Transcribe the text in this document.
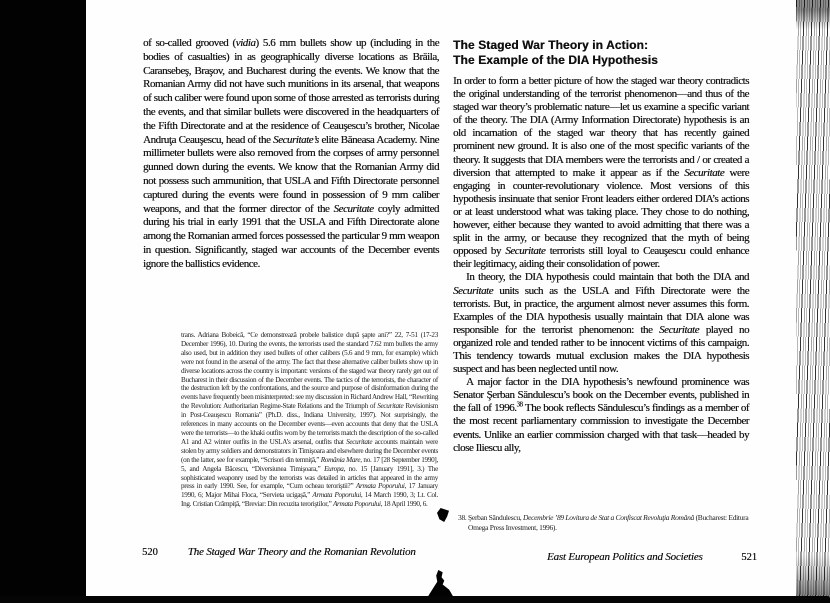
of so-called grooved (vidia) 5.6 mm bullets show up (including in the bodies of casualties) in as geographically diverse locations as Brăila, Caransebeş, Braşov, and Bucharest during the events. We know that the Romanian Army did not have such munitions in its arsenal, that weapons of such caliber were found upon some of those arrested as terrorists during the events, and that similar bullets were discovered in the headquarters of the Fifth Directorate and at the residence of Ceauşescu’s brother, Nicolae Andruţa Ceauşescu, head of the Securitate’s elite Băneasa Academy. Nine millimeter bullets were also removed from the corpses of army personnel gunned down during the events. We know that the Romanian Army did not possess such ammunition, that USLA and Fifth Directorate personnel captured during the events were found in possession of 9 mm caliber weapons, and that the former director of the Securitate coyly admitted during his trial in early 1991 that the USLA and Fifth Directorate alone among the Romanian armed forces possessed the particular 9 mm weapon in question. Significantly, staged war accounts of the December events ignore the ballistics evidence.
trans. Adriana Bobeică, “Ce demonstrează probele balistice după şapte ani?” 22, 7-51 (17-23 December 1996), 10. During the events, the terrorists used the standard 7.62 mm bullets the army also used, but in addition they used bullets of other calibers (5.6 and 9 mm, for example) which were not found in the arsenal of the army. The fact that these alternative caliber bullets show up in diverse locations across the country is important: versions of the staged war theory rarely get out of Bucharest in their discussion of the December events. The tactics of the terrorists, the character of the destruction left by the confrontations, and the source and purpose of disinformation during the events have frequently been misinterpreted: see my discussion in Richard Andrew Hall, “Rewriting the Revolution: Authoritarian Regime-State Relations and the Triumph of Securitate Revisionism in Post-Ceauşescu Romania” (Ph.D. diss., Indiana University, 1997). Not surprisingly, the references in many accounts on the December events—even accounts that deny that the USLA were the terrorists—to the khaki outfits worn by the terrorists match the description of the so-called A1 and A2 winter outfits in the USLA’s arsenal, outfits that Securitate accounts maintain were stolen by army soldiers and demonstrators in Timişoara and elsewhere during the December events (on the latter, see for example, “Scrisori din temniţă,” România Mare, no. 17 [28 September 1990], 5, and Angela Băcescu, “Diversiunea Timişoara,” Europa, no. 15 [January 1991], 3.) The sophisticated weaponry used by the terrorists was detailed in articles that appeared in the army press in early 1990. See, for example, “Cum ocheau teroriştii?” Armata Poporului, 17 January 1990, 6; Major Mihai Floca, “Servieta ucigaşă,” Armata Poporului, 14 March 1990, 3; Lt. Col. Ing. Cristian Crămpiţă, “Breviar: Din recuzita teroriştilor,” Armata Poporului, 18 April 1990, 6.
520	The Staged War Theory and the Romanian Revolution
The Staged War Theory in Action:
The Example of the DIA Hypothesis

In order to form a better picture of how the staged war theory contradicts the original understanding of the terrorist phenomenon—and thus of the staged war theory’s problematic nature—let us examine a specific variant of the theory. The DIA (Army Information Directorate) hypothesis is an old incarnation of the staged war theory that has recently gained prominent new ground. It is also one of the most specific variants of the theory. It suggests that DIA members were the terrorists and / or created a diversion that attempted to make it appear as if the Securitate were engaging in counter-revolutionary violence. Most versions of this hypothesis insinuate that senior Front leaders either ordered DIA’s actions or at least understood what was taking place. They chose to do nothing, however, either because they wanted to avoid admitting that there was a split in the army, or because they recognized that the myth of being opposed by Securitate terrorists still loyal to Ceauşescu could enhance their legitimacy, aiding their consolidation of power.

In theory, the DIA hypothesis could maintain that both the DIA and Securitate units such as the USLA and Fifth Directorate were the terrorists. But, in practice, the argument almost never assumes this form. Examples of the DIA hypothesis usually maintain that DIA alone was responsible for the terrorist phenomenon: the Securitate played no organized role and tended rather to be innocent victims of this campaign. This tendency towards mutual exclusion makes the DIA hypothesis suspect and has been neglected until now.

A major factor in the DIA hypothesis’s newfound prominence was Senator Şerban Săndulescu’s book on the December events, published in the fall of 1996.38 The book reflects Săndulescu’s findings as a member of the most recent parliamentary commission to investigate the December events. Unlike an earlier commission charged with that task—headed by close Iliescu ally,

38. Şerban Săndulescu, Decembrie ’89 Lovitura de Stat a Confiscat Revoluţia Română (Bucharest: Editura Omega Press Investment, 1996).
East European Politics and Societies	521
